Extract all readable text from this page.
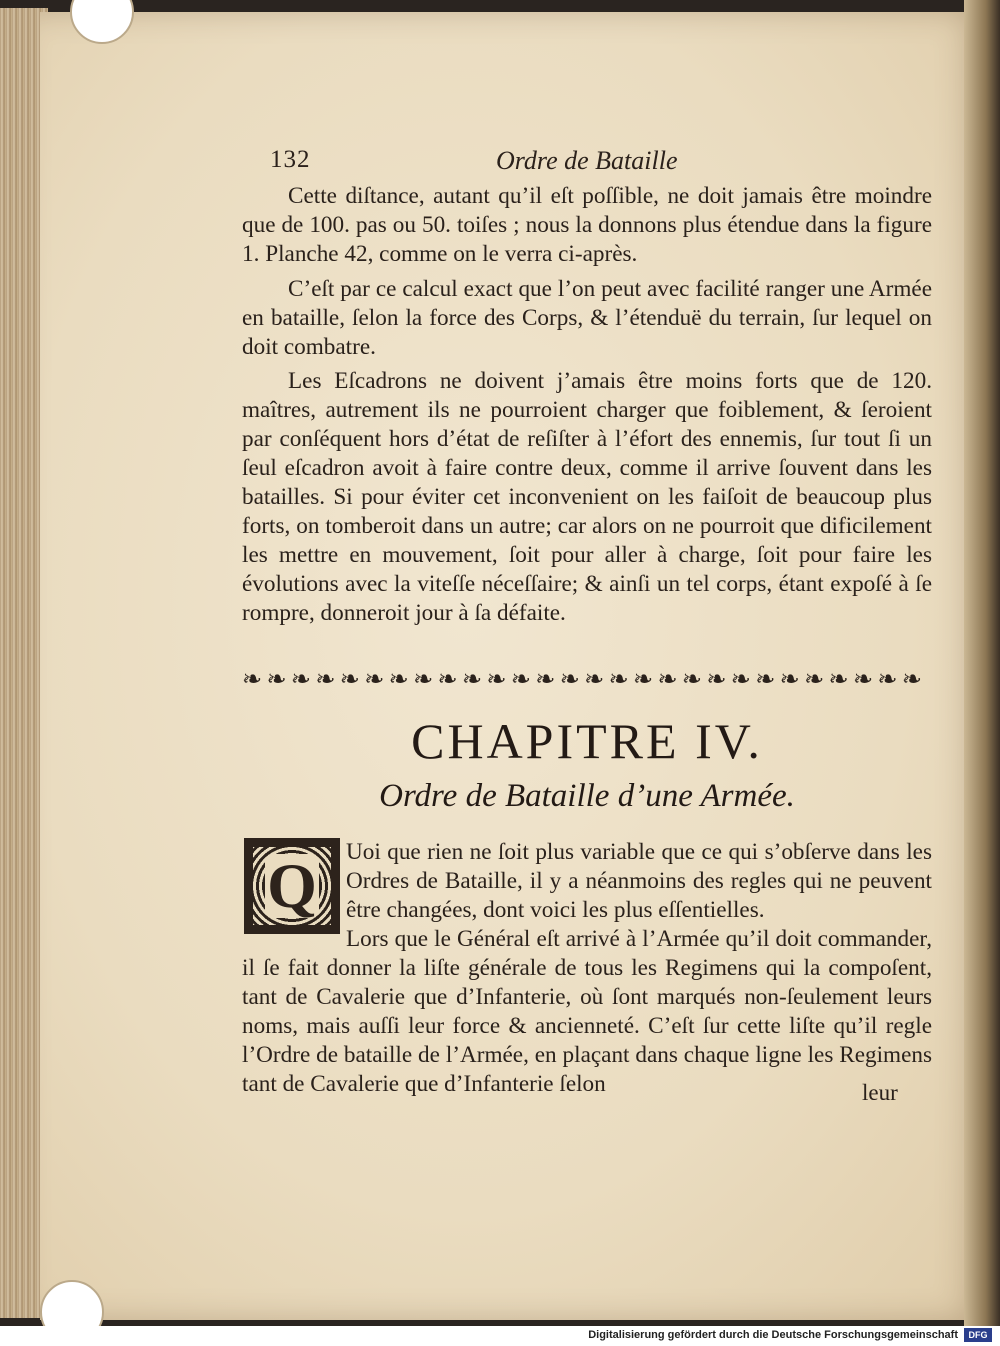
132	Ordre de Bataille

Cette diſtance, autant qu’il eſt poſſible, ne doit jamais être moindre que de 100. pas ou 50. toiſes ; nous la donnons plus étendue dans la figure 1. Planche 42, comme on le verra ci-après.

C’eſt par ce calcul exact que l’on peut avec facilité ranger une Armée en bataille, ſelon la force des Corps, & l’étenduë du terrain, ſur lequel on doit combatre.

Les Eſcadrons ne doivent j’amais être moins forts que de 120. maîtres, autrement ils ne pourroient charger que foiblement, & ſeroient par conſéquent hors d’état de reſiſter à l’éfort des ennemis, ſur tout ſi un ſeul eſcadron avoit à faire contre deux, comme il arrive ſouvent dans les batailles. Si pour éviter cet inconvenient on les faiſoit de beaucoup plus forts, on tomberoit dans un autre; car alors on ne pourroit que dificilement les mettre en mouvement, ſoit pour aller à charge, ſoit pour faire les évolutions avec la viteſſe néceſſaire; & ainſi un tel corps, étant expoſé à ſe rompre, donneroit jour à ſa défaite.

❧ ❧ ❧ ❧ ❧ ❧ ❧ ❧ ❧ ❧ ❧ ❧ ❧ ❧ ❧ ❧ ❧ ❧ ❧ ❧ ❧ ❧ ❧ ❧ ❧ ❧ ❧ ❧
CHAPITRE IV.
Ordre de Bataille d’une Armée.
Q Uoi que rien ne ſoit plus variable que ce qui s’obſerve dans les Ordres de Bataille, il y a néanmoins des regles qui ne peuvent être changées, dont voici les plus eſſentielles.

Lors que le Général eſt arrivé à l’Armée qu’il doit commander, il ſe fait donner la liſte générale de tous les Regimens qui la compoſent, tant de Cavalerie que d’Infanterie, où ſont marqués non-ſeulement leurs noms, mais auſſi leur force & ancienneté. C’eſt ſur cette liſte qu’il regle l’Ordre de bataille de l’Armée, en plaçant dans chaque ligne les Regimens tant de Cavalerie que d’Infanterie ſelon	leur
Digitalisierung gefördert durch die Deutsche Forschungsgemeinschaft	DFG
